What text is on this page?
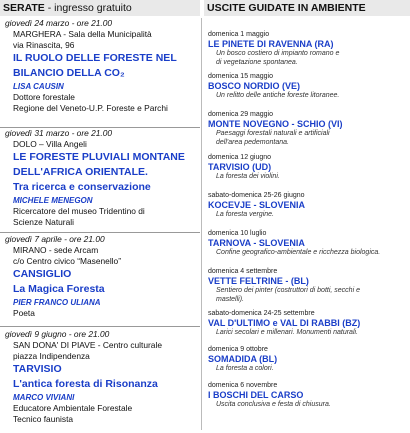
SERATE - ingresso gratuito
giovedì 24 marzo - ore 21.00
MARGHERA - Sala della Municipalità
via Rinascita, 96
IL RUOLO DELLE FORESTE NEL
BILANCIO DELLA CO₂
LISA CAUSIN
Dottore forestale
Regione del Veneto-U.P. Foreste e Parchi
giovedì 31 marzo - ore 21.00
DOLO – Villa Angeli
LE FORESTE PLUVIALI MONTANE
DELL'AFRICA ORIENTALE.
Tra ricerca e conservazione
MICHELE MENEGON
Ricercatore del museo Tridentino di
Scienze Naturali
giovedì 7 aprile - ore 21.00
MIRANO - sede Arcam
c/o Centro civico “Masenello”
CANSIGLIO
La Magica Foresta
PIER FRANCO ULIANA
Poeta
giovedì 9 giugno - ore 21.00
SAN DONA' DI PIAVE - Centro culturale
piazza Indipendenza
TARVISIO
L'antica foresta di Risonanza
MARCO VIVIANI
Educatore Ambientale Forestale
Tecnico faunista
USCITE GUIDATE IN AMBIENTE
domenica 1 maggio
LE PINETE DI RAVENNA (RA)
Un bosco costiero di impianto romano e
di vegetazione spontanea.
domenica 15 maggio
BOSCO NORDIO (VE)
Un relitto delle antiche foreste litoranee.
domenica 29 maggio
MONTE NOVEGNO - SCHIO (VI)
Paesaggi forestali naturali e artificiali
dell'area pedemontana.
domenica 12 giugno
TARVISIO (UD)
La foresta dei violini.
sabato-domenica 25-26 giugno
KOCEVJE - SLOVENIA
La foresta vergine.
domenica 10 luglio
TARNOVA - SLOVENIA
Confine geografico-ambientale e ricchezza biologica.
domenica 4 settembre
VETTE FELTRINE - (BL)
Sentiero dei pinter (costruttori di botti, secchi e
mastelli).
sabato-domenica 24-25 settembre
VAL D'ULTIMO e VAL DI RABBI (BZ)
Larici secolari e millenari. Monumenti naturali.
domenica 9 ottobre
SOMADIDA (BL)
La foresta a colori.
domenica 6 novembre
I BOSCHI DEL CARSO
Uscita conclusiva e festa di chiusura.
